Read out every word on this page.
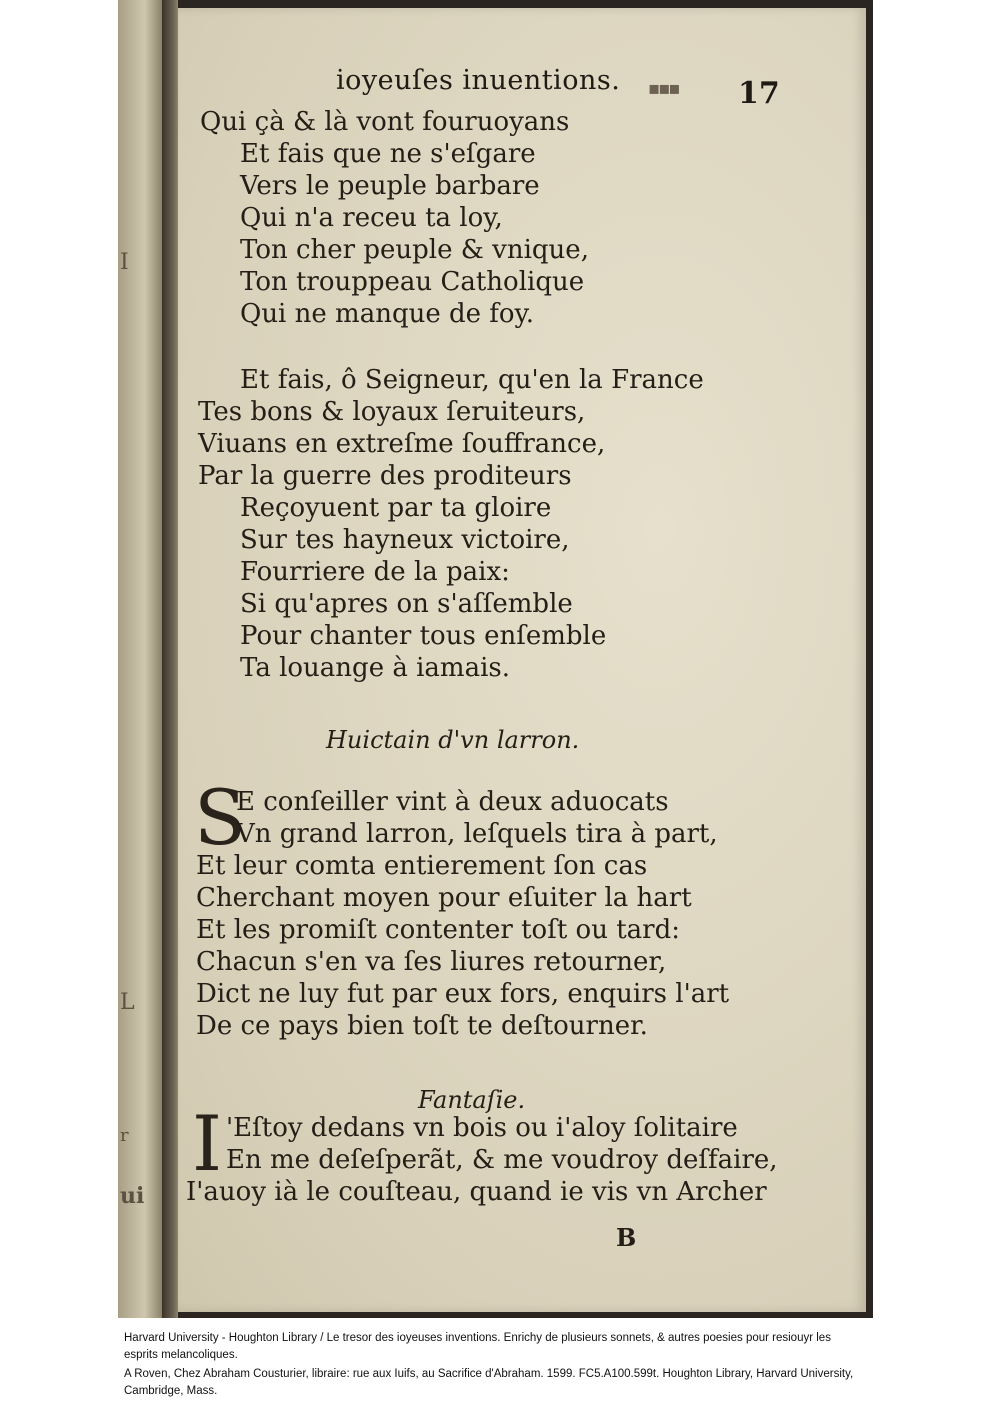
I
r
L
ui
ioyeuſes inuentions. ▪▪▪	17
Qui çà & là vont fouruoyans
Et fais que ne s'eſgare
Vers le peuple barbare
Qui n'a receu ta loy,
Ton cher peuple & vnique,
Ton trouppeau Catholique
Qui ne manque de foy.
Et fais, ô Seigneur, qu'en la France
Tes bons & loyaux ſeruiteurs,
Viuans en extreſme ſouffrance,
Par la guerre des proditeurs
Reçoyuent par ta gloire
Sur tes hayneux victoire,
Fourriere de la paix:
Si qu'apres on s'aſſemble
Pour chanter tous enſemble
Ta louange à iamais.
Huictain d'vn larron.
S
E conſeiller vint à deux aduocats
Vn grand larron, leſquels tira à part,
Et leur comta entierement ſon cas
Cherchant moyen pour eſuiter la hart
Et les promiſt contenter toſt ou tard:
Chacun s'en va ſes liures retourner,
Dict ne luy fut par eux fors, enquirs l'art
De ce pays bien toſt te deſtourner.
Fantaſie.
I 'Eſtoy dedans vn bois ou i'aloy ſolitaire
En me deſeſperãt, & me voudroy deſfaire,
I'auoy ià le couſteau, quand ie vis vn Archer
B
Harvard University - Houghton Library / Le tresor des ioyeuses inventions. Enrichy de plusieurs sonnets, & autres poesies pour resiouyr les esprits melancoliques.
A Roven, Chez Abraham Cousturier, libraire: rue aux Iuifs, au Sacrifice d'Abraham. 1599. FC5.A100.599t. Houghton Library, Harvard University, Cambridge, Mass.
